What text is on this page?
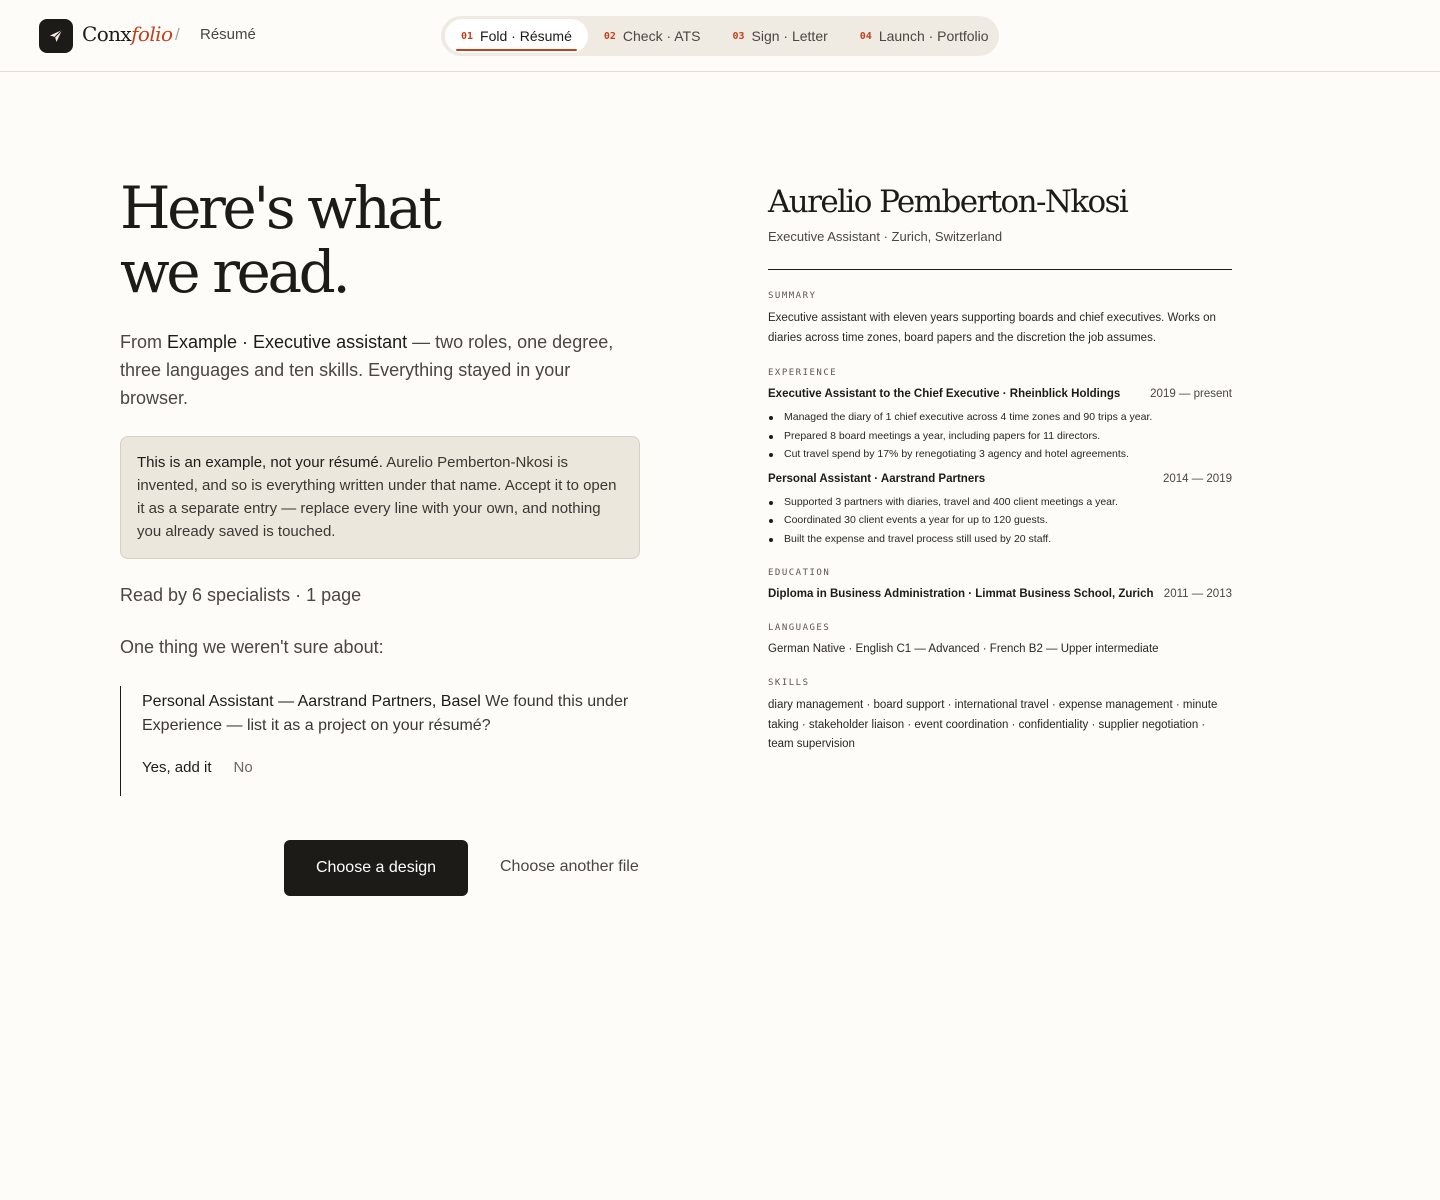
Conx folio / Résumé	01 Fold · Résumé	02 Check · ATS	03 Sign · Letter	04 Launch · Portfolio
Here's what
we read.

From Example · Executive assistant — two roles, one degree, three languages and ten skills. Everything stayed in your browser.

This is an example, not your résumé. Aurelio Pemberton-Nkosi is invented, and so is everything written under that name. Accept it to open it as a separate entry — replace every line with your own, and nothing you already saved is touched.
Read by 6 specialists · 1 page
One thing we weren't sure about:
Personal Assistant — Aarstrand Partners, Basel We found this under Experience — list it as a project on your résumé?
Yes, add it No
Choose a design	Choose another file
Aurelio Pemberton-Nkosi
Executive Assistant · Zurich, Switzerland
SUMMARY

Executive assistant with eleven years supporting boards and chief executives. Works on diaries across time zones, board papers and the discretion the job assumes.

EXPERIENCE
Executive Assistant to the Chief Executive · Rheinblick Holdings	2019 — present
Managed the diary of 1 chief executive across 4 time zones and 90 trips a year.
Prepared 8 board meetings a year, including papers for 11 directors.
Cut travel spend by 17% by renegotiating 3 agency and hotel agreements.
Personal Assistant · Aarstrand Partners	2014 — 2019
Supported 3 partners with diaries, travel and 400 client meetings a year.
Coordinated 30 client events a year for up to 120 guests.
Built the expense and travel process still used by 20 staff.
EDUCATION
Diploma in Business Administration · Limmat Business School, Zurich 2011 — 2013
LANGUAGES
German Native · English C1 — Advanced · French B2 — Upper intermediate
SKILLS

diary management · board support · international travel · expense management · minute taking · stakeholder liaison · event coordination · confidentiality · supplier negotiation · team supervision
